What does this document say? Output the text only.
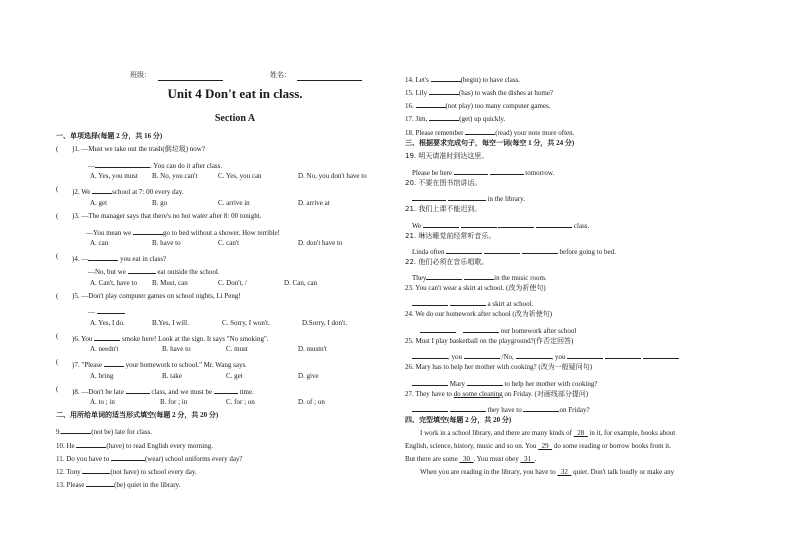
班级：	姓名：
Unit 4 Don't eat in class.
Section A
一、单项选择(每题 2 分，共 16 分)
( )1. —Must we take out the trash(倒垃圾) now?
—	. You can do it after class.
A. Yes, you must B. No, you can't	C. Yes, you can	D. No, you don't have to
( )2. We	school at 7: 00 every day.
A. get	B. go	C. arrive in	D. arrive at
( )3. —The manager says that there's no hot water after 8: 00 tonight.
—You mean we	go to bed without a shower. How terrible!
A. can	B. have to	C. can't	D. don't have to
( )4. —	you eat in class?
—No, but we	eat outside the school.
A. Can't, have to B. Must, can	C. Don't, /	D. Can, can
( )5. —Don't play computer games on school nights, Li Peng!
—
A. Yes, I do.	B.Yes, I will.	C. Sorry, I won't.	D.Sorry, I don't.
( )6. You	smoke here! Look at the sign. It says "No smoking".
A. needn't	B. have to	C. must	D. mustn't
( )7. "Please	your homework to school." Mr. Wang says.
A. bring	B. take	C. get	D. give
( )8. —Don't be late	class, and we must be	time.
A. to ; in	B. for ; in	C. for ; on	D. of ; on
二、用所给单词的适当形式填空(每题 2 分，共 20 分)
9.	(not be) late for class.
10. He	(have) to read English every morning.
11. Do you have to	(wear) school uniforms every day?
12. Tony	(not have) to school every day.
13. Please	(be) quiet in the library.
14. Let's	(begin) to have class.
15. Lily	(has) to wash the dishes at home?
16.	(not play) too many computer games.
17. Jim,	(get) up quickly.
18. Please remember	(read) your note more often.
三、根据要求完成句子，每空一词(每空 1 分，共 24 分)
19. 明天请准时到达这里。
Please be here	tomorrow.
20. 不要在图书馆讲话。
in the library.
21. 我们上课不能迟到。
We	class.
21. 琳达睡觉前经常听音乐。
Linda often	before going to bed.
22. 他们必须在音乐唱歌。
They	in the music room.
23. You can't wear a skirt at school. (改为祈使句)
a skirt at school.
24. We do our homework after school (改为祈使句)
our homework after school
25. Must I play basketball on the playground?(作否定回答)
, you	/No,	, you
26. Mary has to help her mother with cooking? (改为一般疑问句)
Mary	to help her mother with cooking?
27. They have to do some cleaning on Friday. (对画线部分提问)
they have to	on Friday?
四、完型填空(每题 2 分，共 20 分)
I work in a school library, and there are many kinds of 28 in it, for example, books about
English, science, history, music and so on. You 29 do some reading or borrow books from it.
But there are some 30 . You must obey 31 .
When you are reading in the library, you have to 32 quiet. Don't talk loudly or make any
